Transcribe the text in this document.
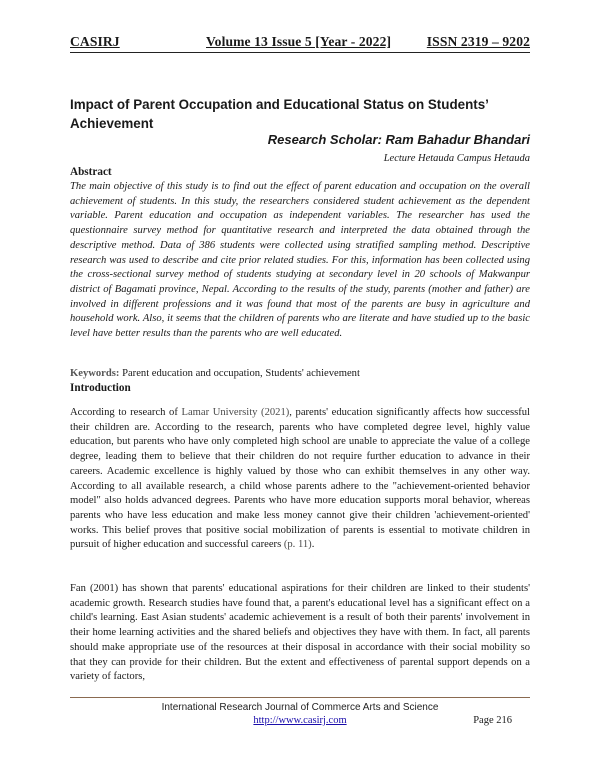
CASIRJ	Volume 13 Issue 5 [Year - 2022]	ISSN 2319 – 9202
Impact of Parent Occupation and Educational Status on Students’ Achievement
Research Scholar: Ram Bahadur Bhandari
Lecture Hetauda Campus Hetauda
Abstract
The main objective of this study is to find out the effect of parent education and occupation on the overall achievement of students. In this study, the researchers considered student achievement as the dependent variable. Parent education and occupation as independent variables. The researcher has used the questionnaire survey method for quantitative research and interpreted the data obtained through the descriptive method. Data of 386 students were collected using stratified sampling method. Descriptive research was used to describe and cite prior related studies. For this, information has been collected using the cross-sectional survey method of students studying at secondary level in 20 schools of Makwanpur district of Bagamati province, Nepal. According to the results of the study, parents (mother and father) are involved in different professions and it was found that most of the parents are busy in agriculture and household work. Also, it seems that the children of parents who are literate and have studied up to the basic level have better results than the parents who are well educated.
Keywords: Parent education and occupation, Students' achievement
Introduction
According to research of Lamar University (2021), parents' education significantly affects how successful their children are. According to the research, parents who have completed degree level, highly value education, but parents who have only completed high school are unable to appreciate the value of a college degree, leading them to believe that their children do not require further education to advance in their careers. Academic excellence is highly valued by those who can exhibit themselves in any other way. According to all available research, a child whose parents adhere to the "achievement-oriented behavior model" also holds advanced degrees. Parents who have more education supports moral behavior, whereas parents who have less education and make less money cannot give their children 'achievement-oriented' works. This belief proves that positive social mobilization of parents is essential to motivate children in pursuit of higher education and successful careers (p. 11).
Fan (2001) has shown that parents' educational aspirations for their children are linked to their students' academic growth. Research studies have found that, a parent's educational level has a significant effect on a child's learning. East Asian students' academic achievement is a result of both their parents' involvement in their home learning activities and the shared beliefs and objectives they have with them. In fact, all parents should make appropriate use of the resources at their disposal in accordance with their social mobility so that they can provide for their children. But the extent and effectiveness of parental support depends on a variety of factors,
International Research Journal of Commerce Arts and Science
http://www.casirj.com	Page 216
